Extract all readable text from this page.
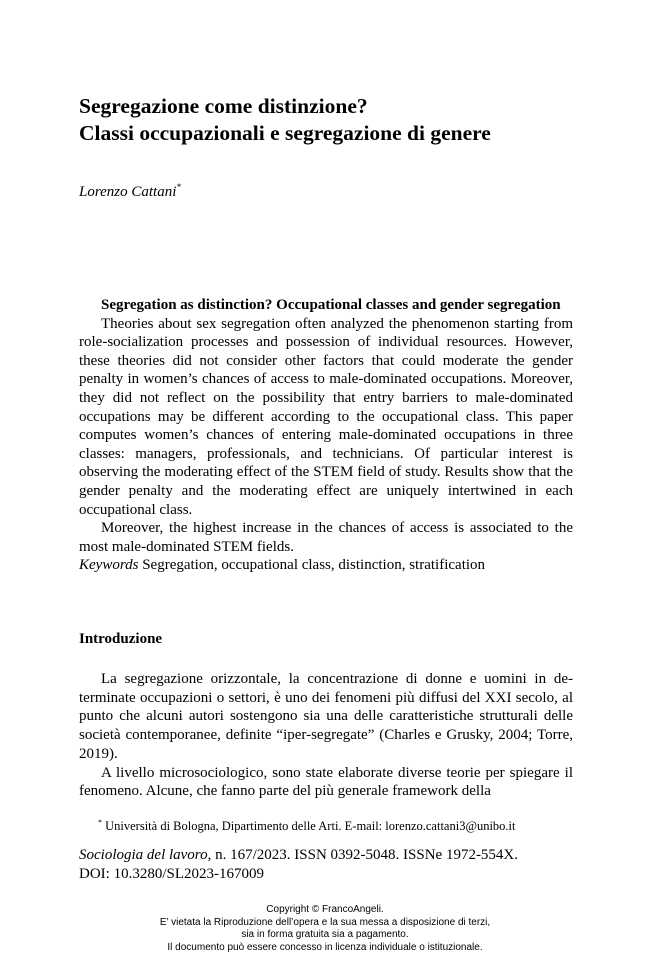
Segregazione come distinzione?
Classi occupazionali e segregazione di genere
Lorenzo Cattani*

Segregation as distinction? Occupational classes and gender segregation

Theories about sex segregation often analyzed the phenomenon starting from role-socialization processes and possession of individual resources. However, these theories did not consider other factors that could moderate the gender penalty in women’s chances of access to male-dominated occupations. Moreover, they did not reflect on the possibility that entry barriers to male-dominated occupations may be different according to the occupational class. This paper computes women’s chances of entering male-dominated occupations in three classes: managers, professionals, and technicians. Of particular interest is observing the moderating effect of the STEM field of study. Results show that the gender penalty and the moderating effect are uniquely intertwined in each occupational class.

Moreover, the highest increase in the chances of access is associated to the most male-dominated STEM fields.

Keywords Segregation, occupational class, distinction, stratification

Introduzione

La segregazione orizzontale, la concentrazione di donne e uomini in determinate occupazioni o settori, è uno dei fenomeni più diffusi del XXI secolo, al punto che alcuni autori sostengono sia una delle caratteristiche strutturali delle società contemporanee, definite “iper-segregate” (Charles e Grusky, 2004; Torre, 2019).

A livello microsociologico, sono state elaborate diverse teorie per spiegare il fenomeno. Alcune, che fanno parte del più generale framework della

* Università di Bologna, Dipartimento delle Arti. E-mail: lorenzo.cattani3@unibo.it
Sociologia del lavoro, n. 167/2023. ISSN 0392-5048. ISSNe 1972-554X.
DOI: 10.3280/SL2023-167009
Copyright © FrancoAngeli.
E’ vietata la Riproduzione dell’opera e la sua messa a disposizione di terzi,
sia in forma gratuita sia a pagamento.
Il documento può essere concesso in licenza individuale o istituzionale.
